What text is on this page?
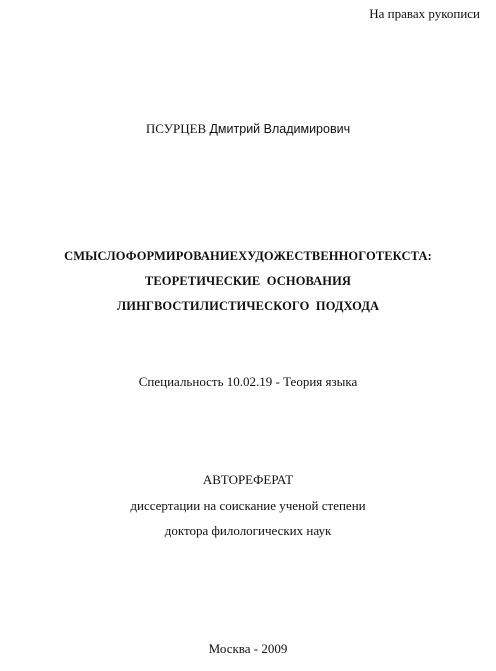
На правах рукописи
ПСУРЦЕВ Дмитрий Владимирович
СМЫСЛОФОРМИРОВАНИЕХУДОЖЕСТВЕННОГОТЕКСТА:
ТЕОРЕТИЧЕСКИЕ  ОСНОВАНИЯ
ЛИНГВОСТИЛИСТИЧЕСКОГО  ПОДХОДА
Специальность 10.02.19 - Теория языка
АВТОРЕФЕРАТ
диссертации на соискание ученой степени
доктора филологических наук
Москва - 2009
